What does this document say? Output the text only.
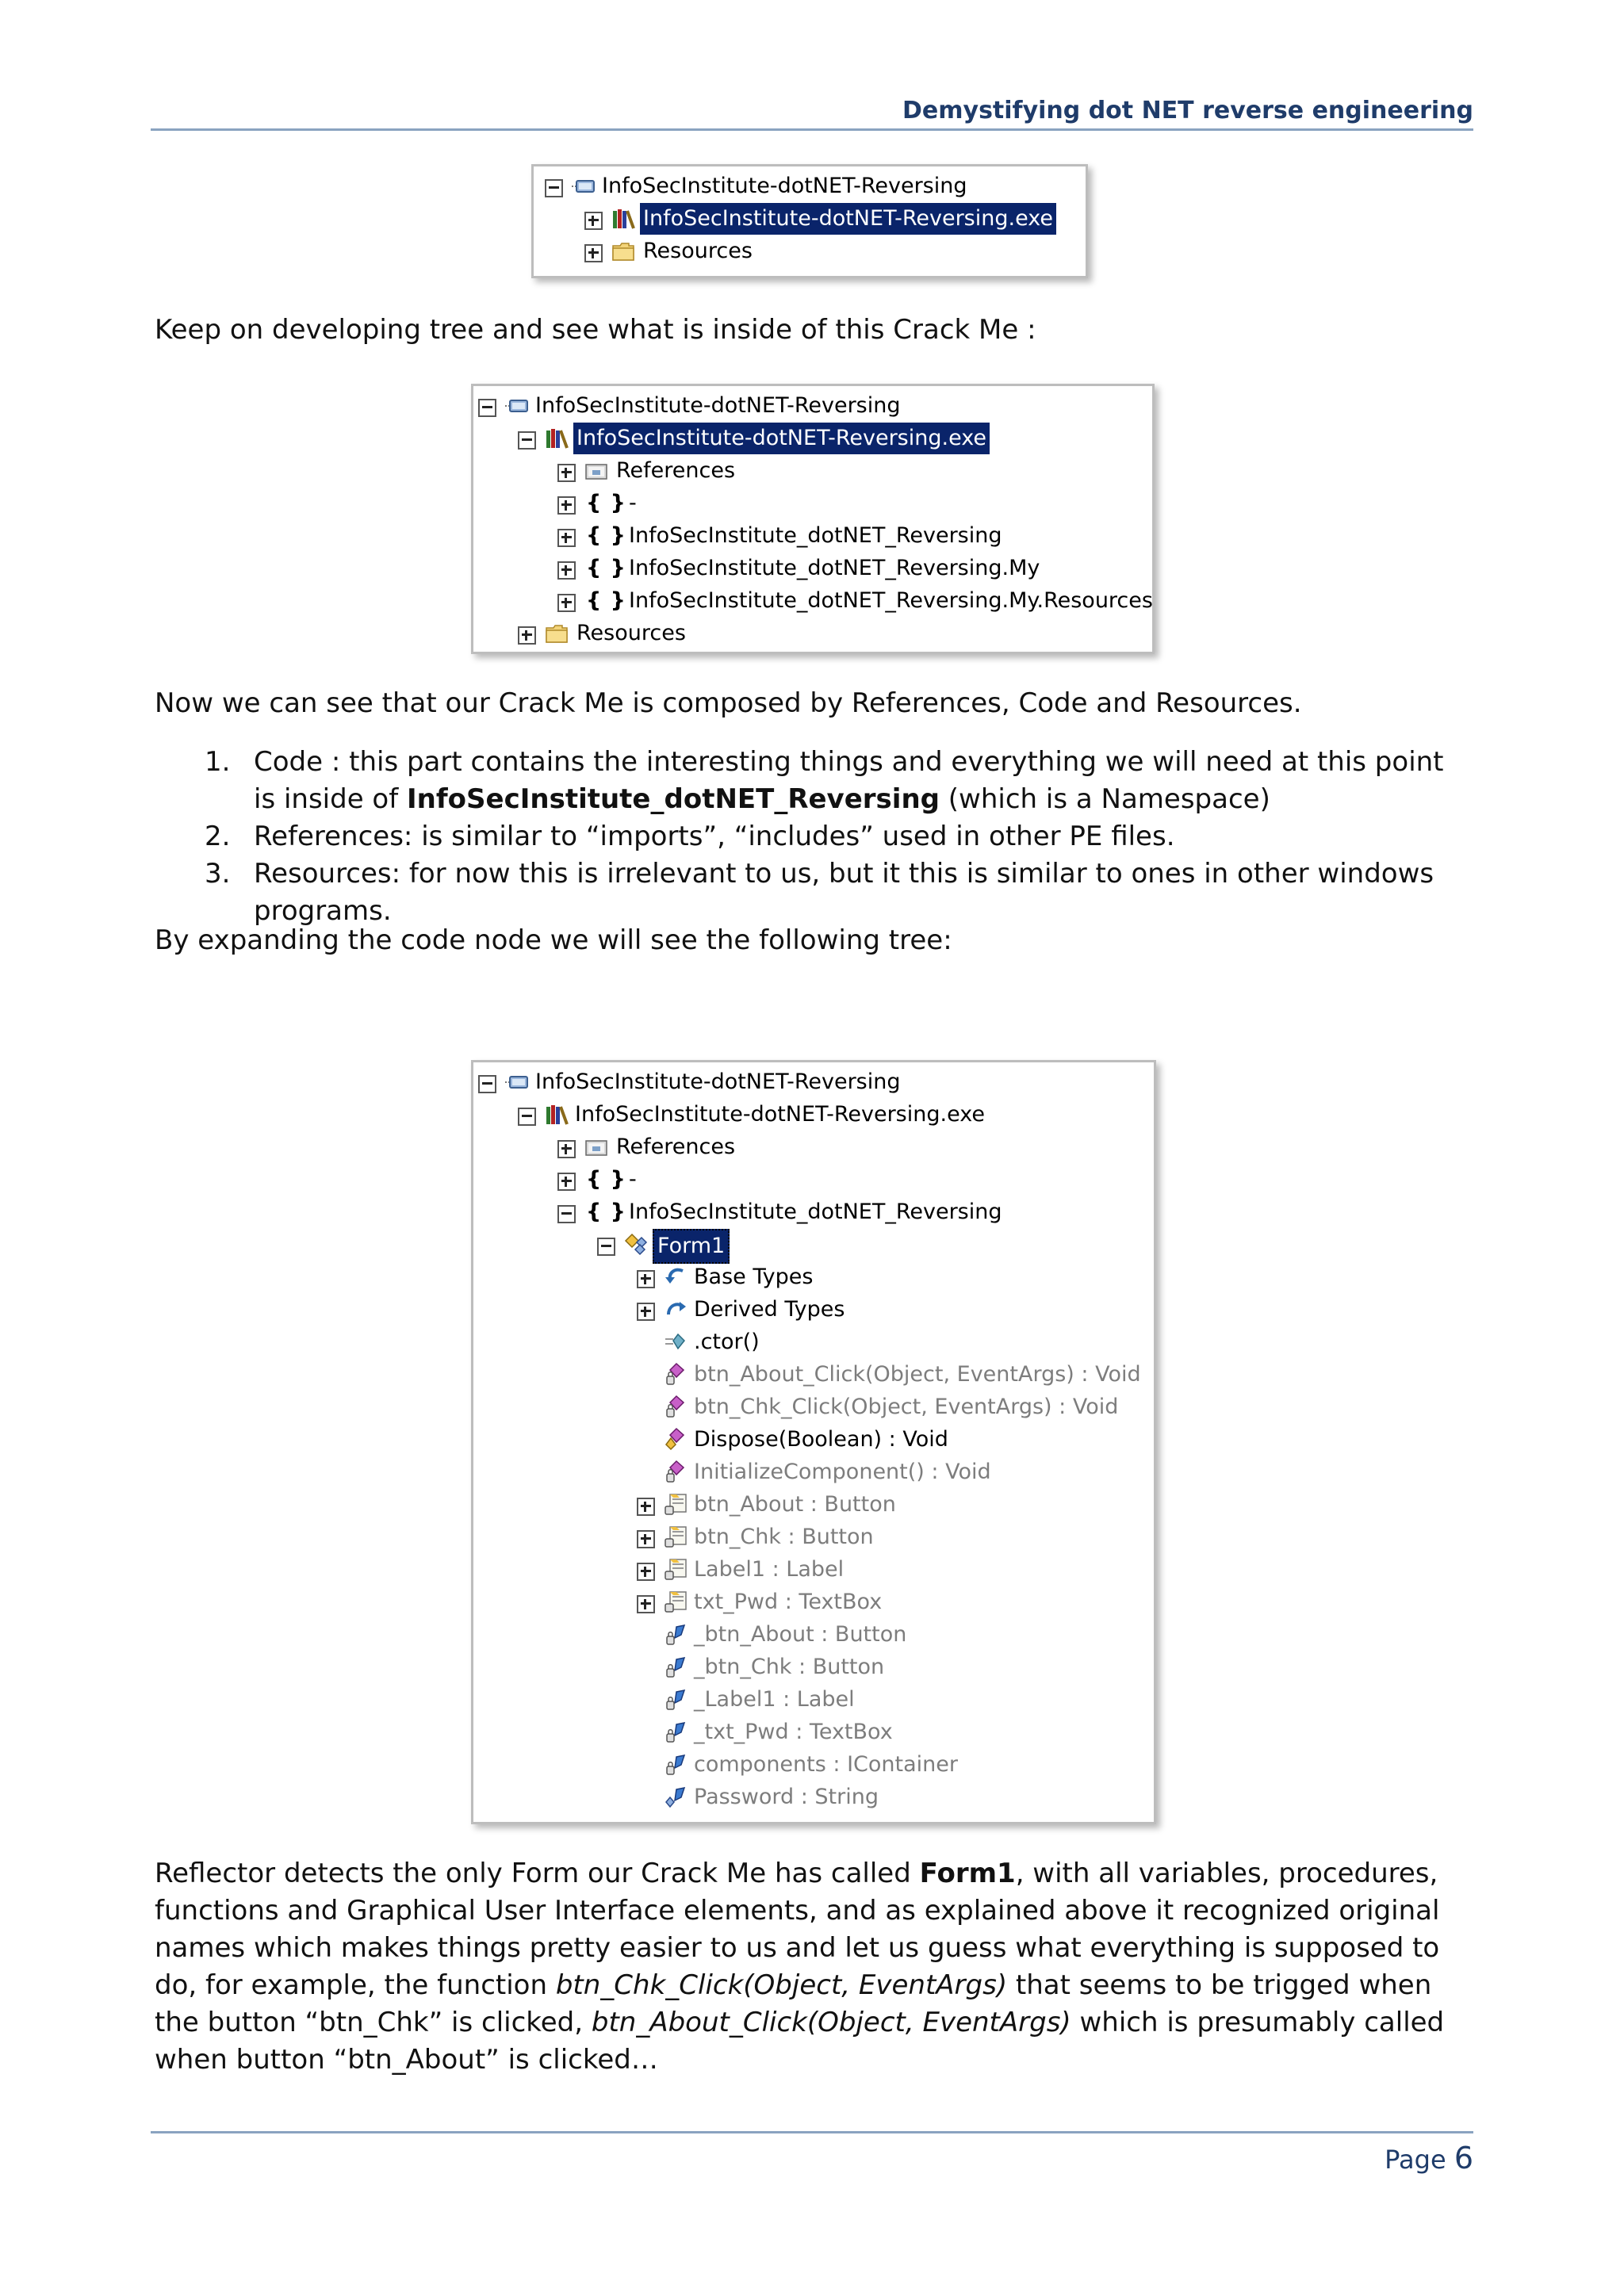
Demystifying dot NET reverse engineering
InfoSecInstitute-dotNET-Reversing
InfoSecInstitute-dotNET-Reversing.exe
Resources
Keep on developing tree and see what is inside of this Crack Me :
InfoSecInstitute-dotNET-Reversing
InfoSecInstitute-dotNET-Reversing.exe
References
{ } -
{ } InfoSecInstitute_dotNET_Reversing
{ } InfoSecInstitute_dotNET_Reversing.My
{ } InfoSecInstitute_dotNET_Reversing.My.Resources
Resources
Now we can see that our Crack Me is composed by References, Code and Resources.
1. Code : this part contains the interesting things and everything we will need at this point is inside of InfoSecInstitute_dotNET_Reversing (which is a Namespace)
2. References: is similar to “imports”, “includes” used in other PE files.
3. Resources: for now this is irrelevant to us, but it this is similar to ones in other windows programs.
By expanding the code node we will see the following tree:
InfoSecInstitute-dotNET-Reversing
InfoSecInstitute-dotNET-Reversing.exe
References
{ } -
{ } InfoSecInstitute_dotNET_Reversing
Form1
Base Types
Derived Types
.ctor()
btn_About_Click(Object, EventArgs) : Void
btn_Chk_Click(Object, EventArgs) : Void
Dispose(Boolean) : Void
InitializeComponent() : Void
btn_About : Button
btn_Chk : Button
Label1 : Label
txt_Pwd : TextBox
_btn_About : Button
_btn_Chk : Button
_Label1 : Label
_txt_Pwd : TextBox
components : IContainer
Password : String
Reflector detects the only Form our Crack Me has called Form1, with all variables, procedures, functions and Graphical User Interface elements, and as explained above it recognized original names which makes things pretty easier to us and let us guess what everything is supposed to do, for example, the function btn_Chk_Click(Object, EventArgs) that seems to be trigged when the button “btn_Chk” is clicked, btn_About_Click(Object, EventArgs) which is presumably called when button “btn_About” is clicked…
Page 6
